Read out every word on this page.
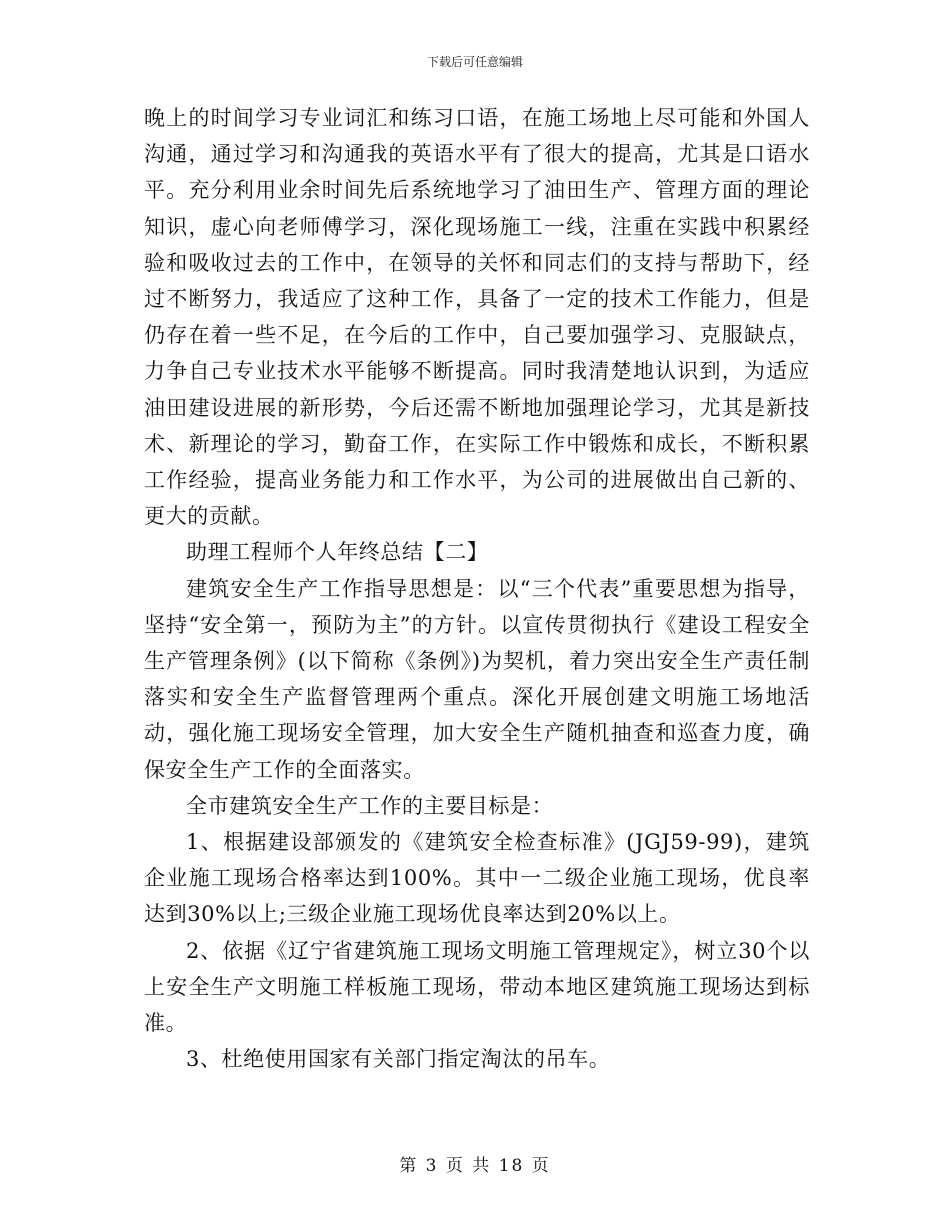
下载后可任意编辑

晚上的时间学习专业词汇和练习口语，在施工场地上尽可能和外国人沟通，通过学习和沟通我的英语水平有了很大的提高，尤其是口语水平。充分利用业余时间先后系统地学习了油田生产、管理方面的理论知识，虚心向老师傅学习，深化现场施工一线，注重在实践中积累经验和吸收过去的工作中，在领导的关怀和同志们的支持与帮助下，经过不断努力，我适应了这种工作，具备了一定的技术工作能力，但是仍存在着一些不足，在今后的工作中，自己要加强学习、克服缺点，力争自己专业技术水平能够不断提高。同时我清楚地认识到，为适应油田建设进展的新形势，今后还需不断地加强理论学习，尤其是新技术、新理论的学习，勤奋工作，在实际工作中锻炼和成长，不断积累工作经验，提高业务能力和工作水平，为公司的进展做出自己新的、更大的贡献。

助理工程师个人年终总结【二】

建筑安全生产工作指导思想是：以“三个代表”重要思想为指导，坚持“安全第一，预防为主”的方针。以宣传贯彻执行《建设工程安全生产管理条例》(以下简称《条例》)为契机，着力突出安全生产责任制落实和安全生产监督管理两个重点。深化开展创建文明施工场地活动，强化施工现场安全管理，加大安全生产随机抽查和巡查力度，确保安全生产工作的全面落实。

全市建筑安全生产工作的主要目标是：

1、根据建设部颁发的《建筑安全检查标准》(JGJ59-99)，建筑企业施工现场合格率达到100%。其中一二级企业施工现场，优良率达到30%以上;三级企业施工现场优良率达到20%以上。

2、依据《辽宁省建筑施工现场文明施工管理规定》，树立30个以上安全生产文明施工样板施工现场，带动本地区建筑施工现场达到标准。

3、杜绝使用国家有关部门指定淘汰的吊车。

第 3 页 共 18 页
